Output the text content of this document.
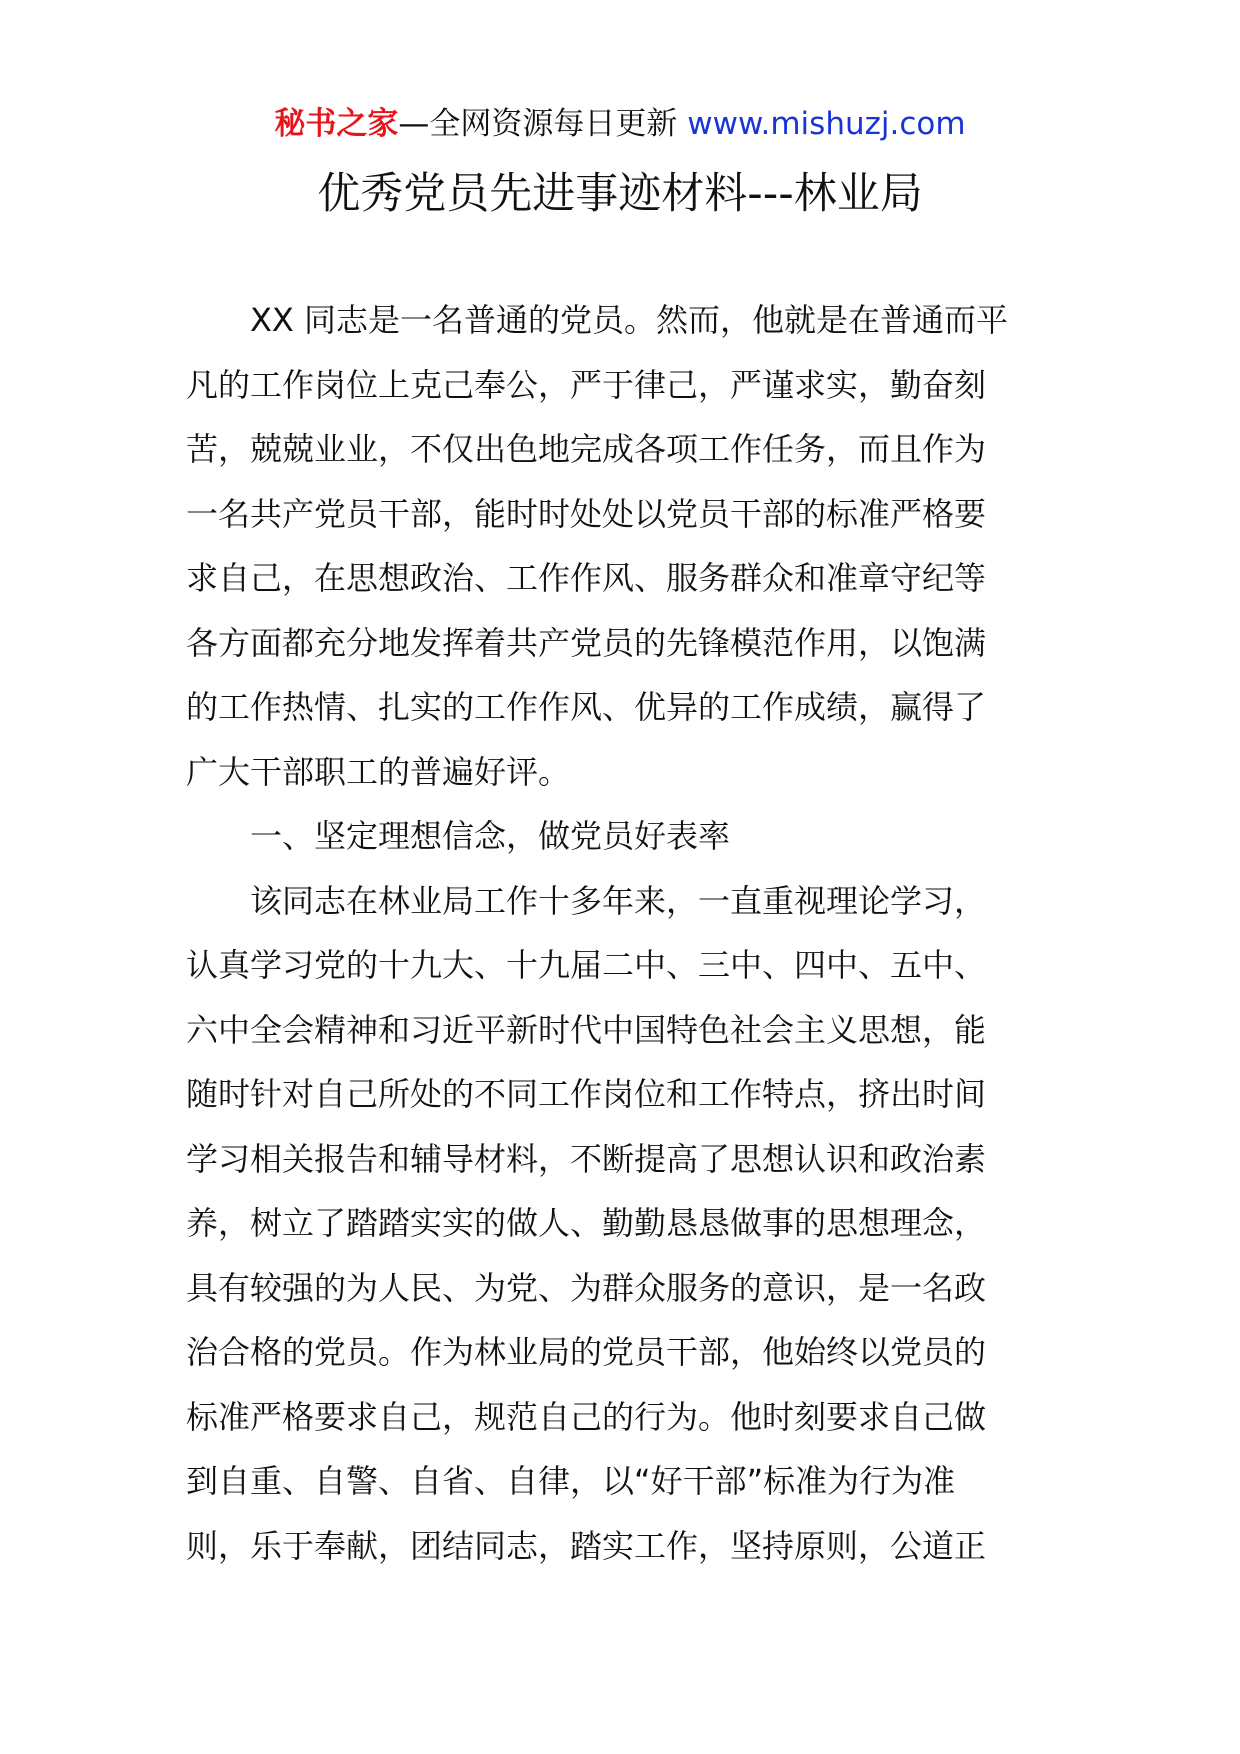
秘书之家—全网资源每日更新 www.mishuzj.com
优秀党员先进事迹材料---林业局
XX 同志是一名普通的党员。然而，他就是在普通而平
凡的工作岗位上克己奉公，严于律己，严谨求实，勤奋刻
苦，兢兢业业，不仅出色地完成各项工作任务，而且作为
一名共产党员干部，能时时处处以党员干部的标准严格要
求自己，在思想政治、工作作风、服务群众和准章守纪等
各方面都充分地发挥着共产党员的先锋模范作用，以饱满
的工作热情、扎实的工作作风、优异的工作成绩，赢得了
广大干部职工的普遍好评。
一、坚定理想信念，做党员好表率
该同志在林业局工作十多年来，一直重视理论学习，
认真学习党的十九大、十九届二中、三中、四中、五中、
六中全会精神和习近平新时代中国特色社会主义思想，能
随时针对自己所处的不同工作岗位和工作特点，挤出时间
学习相关报告和辅导材料，不断提高了思想认识和政治素
养，树立了踏踏实实的做人、勤勤恳恳做事的思想理念，
具有较强的为人民、为党、为群众服务的意识，是一名政
治合格的党员。作为林业局的党员干部，他始终以党员的
标准严格要求自己，规范自己的行为。他时刻要求自己做
到自重、自警、自省、自律，以“好干部”标准为行为准
则，乐于奉献，团结同志，踏实工作，坚持原则，公道正
